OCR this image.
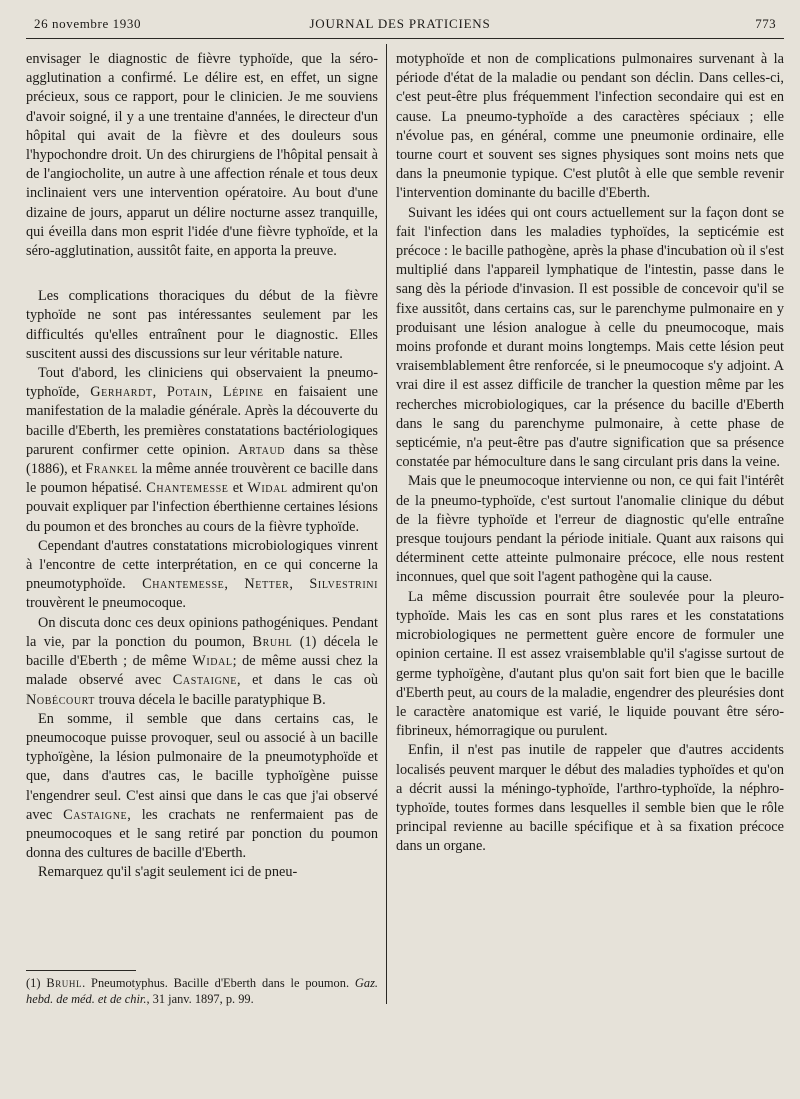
26 novembre 1930	JOURNAL DES PRATICIENS	773

envisager le diagnostic de fièvre typhoïde, que la séro-agglutination a confirmé. Le délire est, en effet, un signe précieux, sous ce rapport, pour le clinicien. Je me souviens d'avoir soigné, il y a une trentaine d'années, le directeur d'un hôpital qui avait de la fièvre et des douleurs sous l'hypochondre droit. Un des chirurgiens de l'hôpital pensait à de l'angiocholite, un autre à une affection rénale et tous deux inclinaient vers une intervention opératoire. Au bout d'une dizaine de jours, apparut un délire nocturne assez tranquille, qui éveilla dans mon esprit l'idée d'une fièvre typhoïde, et la séro-agglutination, aussitôt faite, en apporta la preuve.

Les complications thoraciques du début de la fièvre typhoïde ne sont pas intéressantes seulement par les difficultés qu'elles entraînent pour le diagnostic. Elles suscitent aussi des discussions sur leur véritable nature.

Tout d'abord, les cliniciens qui observaient la pneumo-typhoïde, Gerhardt, Potain, Lépine en faisaient une manifestation de la maladie générale. Après la découverte du bacille d'Eberth, les premières constatations bactériologiques parurent confirmer cette opinion. Artaud dans sa thèse (1886), et Frankel la même année trouvèrent ce bacille dans le poumon hépatisé. Chantemesse et Widal admirent qu'on pouvait expliquer par l'infection éberthienne certaines lésions du poumon et des bronches au cours de la fièvre typhoïde.

Cependant d'autres constatations microbiologiques vinrent à l'encontre de cette interprétation, en ce qui concerne la pneumotyphoïde. Chantemesse, Netter, Silvestrini trouvèrent le pneumocoque.

On discuta donc ces deux opinions pathogéniques. Pendant la vie, par la ponction du poumon, Bruhl (1) décela le bacille d'Eberth ; de même Widal; de même aussi chez la malade observé avec Castaigne, et dans le cas où Nobécourt trouva décela le bacille paratyphique B.

En somme, il semble que dans certains cas, le pneumocoque puisse provoquer, seul ou associé à un bacille typhoïgène, la lésion pulmonaire de la pneumotyphoïde et que, dans d'autres cas, le bacille typhoïgène puisse l'engendrer seul. C'est ainsi que dans le cas que j'ai observé avec Castaigne, les crachats ne renfermaient pas de pneumocoques et le sang retiré par ponction du poumon donna des cultures de bacille d'Eberth.

Remarquez qu'il s'agit seulement ici de pneu-

(1) Bruhl. Pneumotyphus. Bacille d'Eberth dans le poumon. Gaz. hebd. de méd. et de chir., 31 janv. 1897, p. 99.

motyphoïde et non de complications pulmonaires survenant à la période d'état de la maladie ou pendant son déclin. Dans celles-ci, c'est peut-être plus fréquemment l'infection secondaire qui est en cause. La pneumo-typhoïde a des caractères spéciaux ; elle n'évolue pas, en général, comme une pneumonie ordinaire, elle tourne court et souvent ses signes physiques sont moins nets que dans la pneumonie typique. C'est plutôt à elle que semble revenir l'intervention dominante du bacille d'Eberth.

Suivant les idées qui ont cours actuellement sur la façon dont se fait l'infection dans les maladies typhoïdes, la septicémie est précoce : le bacille pathogène, après la phase d'incubation où il s'est multiplié dans l'appareil lymphatique de l'intestin, passe dans le sang dès la période d'invasion. Il est possible de concevoir qu'il se fixe aussitôt, dans certains cas, sur le parenchyme pulmonaire en y produisant une lésion analogue à celle du pneumocoque, mais moins profonde et durant moins longtemps. Mais cette lésion peut vraisemblablement être renforcée, si le pneumocoque s'y adjoint. A vrai dire il est assez difficile de trancher la question même par les recherches microbiologiques, car la présence du bacille d'Eberth dans le sang du parenchyme pulmonaire, à cette phase de septicémie, n'a peut-être pas d'autre signification que sa présence constatée par hémoculture dans le sang circulant pris dans la veine.

Mais que le pneumocoque intervienne ou non, ce qui fait l'intérêt de la pneumo-typhoïde, c'est surtout l'anomalie clinique du début de la fièvre typhoïde et l'erreur de diagnostic qu'elle entraîne presque toujours pendant la période initiale. Quant aux raisons qui déterminent cette atteinte pulmonaire précoce, elle nous restent inconnues, quel que soit l'agent pathogène qui la cause.

La même discussion pourrait être soulevée pour la pleuro-typhoïde. Mais les cas en sont plus rares et les constatations microbiologiques ne permettent guère encore de formuler une opinion certaine. Il est assez vraisemblable qu'il s'agisse surtout de germe typhoïgène, d'autant plus qu'on sait fort bien que le bacille d'Eberth peut, au cours de la maladie, engendrer des pleurésies dont le caractère anatomique est varié, le liquide pouvant être séro-fibrineux, hémorragique ou purulent.

Enfin, il n'est pas inutile de rappeler que d'autres accidents localisés peuvent marquer le début des maladies typhoïdes et qu'on a décrit aussi la méningo-typhoïde, l'arthro-typhoïde, la néphro-typhoïde, toutes formes dans lesquelles il semble bien que le rôle principal revienne au bacille spécifique et à sa fixation précoce dans un organe.
